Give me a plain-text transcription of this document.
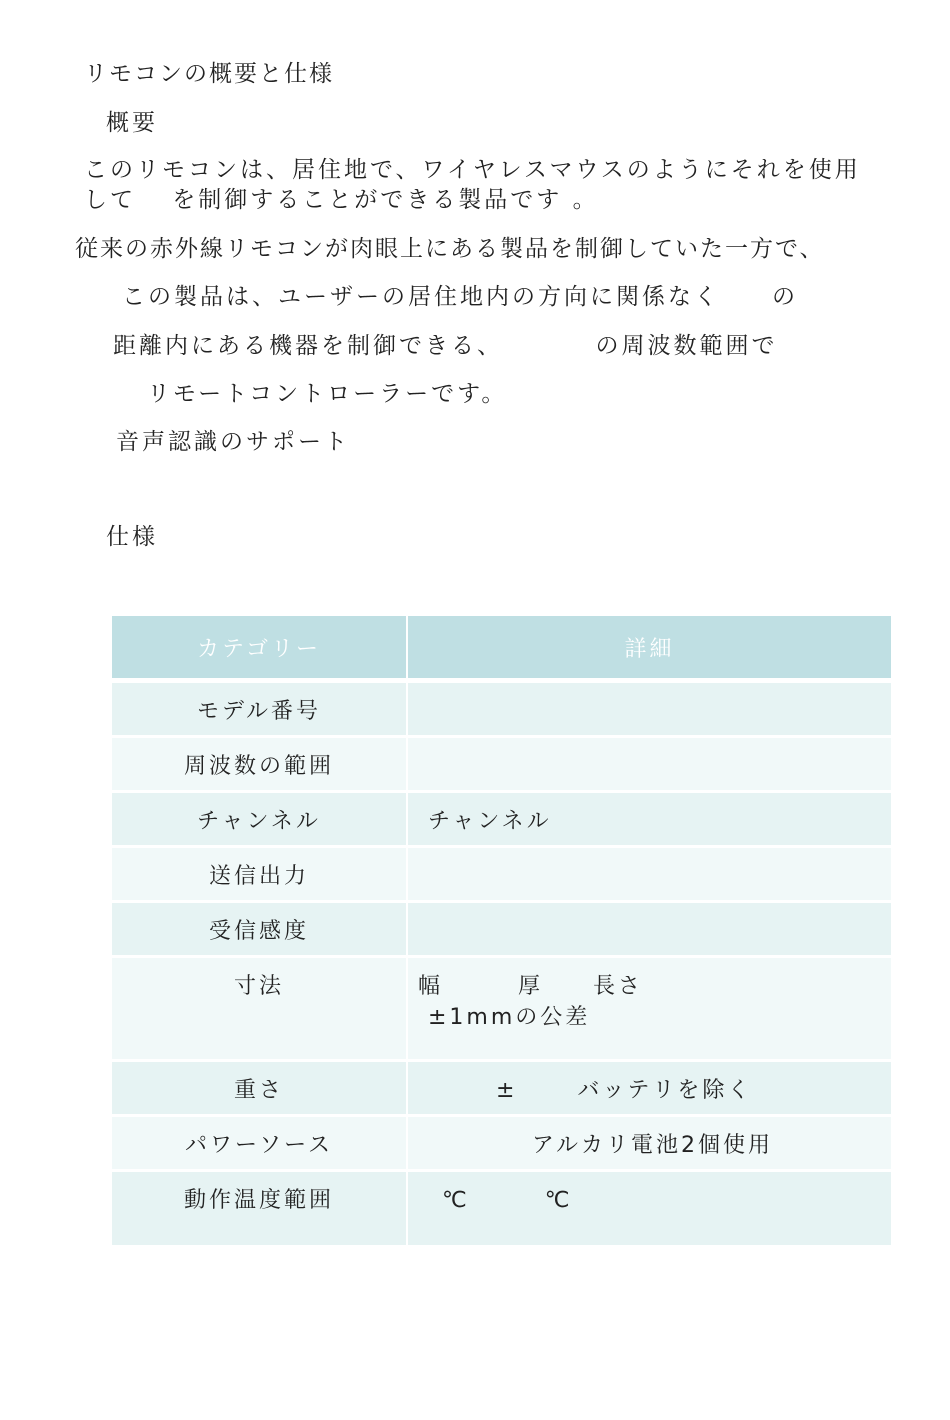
リモコンの概要と仕様
概要
このリモコンは、居住地で、ワイヤレスマウスのようにそれを使用
して　 を制御することができる製品です 。
従来の赤外線リモコンが肉眼上にある製品を制御していた一方で、
この製品は、ユーザーの居住地内の方向に関係なく　　の
距離内にある機器を制御できる、　　　　の周波数範囲で
リモートコントローラーです。
音声認識のサポート
仕様
カテゴリー	詳細
モデル番号	
周波数の範囲	
チャンネル	チャンネル
送信出力	
受信感度	
寸法	幅　　　厚　　長さ
±1mmの公差
重さ	±　　 バッテリを除く
パワーソース	アルカリ電池2個使用
動作温度範囲	℃　　　℃
